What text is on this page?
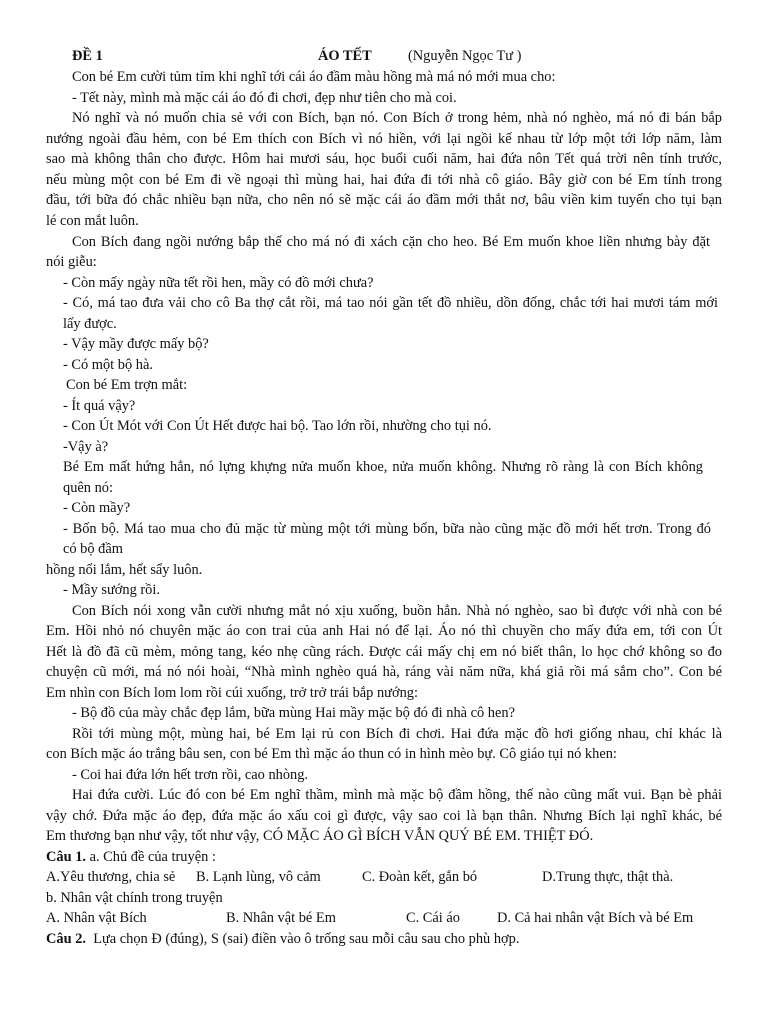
ĐỀ 1	ÁO TẾT	(Nguyễn Ngọc Tư )
Con bé Em cười tủm tỉm khi nghĩ tới cái áo đầm màu hồng mà má nó mới mua cho:
- Tết này, mình mà mặc cái áo đó đi chơi, đẹp như tiên cho mà coi.
Nó nghĩ và nó muốn chia sẻ với con Bích, bạn nó. Con Bích ở trong hẻm, nhà nó nghèo, má nó đi bán bắp
nướng ngoài đầu hẻm, con bé Em thích con Bích vì nó hiền, với lại ngồi kế nhau từ lớp một tới lớp năm, làm
sao mà không thân cho được. Hôm hai mươi sáu, học buổi cuối năm, hai đứa nôn Tết quá trời nên tính trước,
nếu mùng một con bé Em đi về ngoại thì mùng hai, hai đứa đi tới nhà cô giáo. Bây giờ con bé Em tính trong
đầu, tới bữa đó chắc nhiều bạn nữa, cho nên nó sẽ mặc cái áo đầm mới thắt nơ, bâu viền kim tuyến cho tụi bạn
lé con mắt luôn.
Con Bích đang ngồi nướng bắp thế cho má nó đi xách cặn cho heo. Bé Em muốn khoe liền nhưng bày đặt
nói giễu:
- Còn mấy ngày nữa tết rồi hen, mầy có đồ mới chưa?
- Có, má tao đưa vải cho cô Ba thợ cắt rồi, má tao nói gần tết đồ nhiều, dồn đống, chắc tới hai mươi tám mới
lấy được.
- Vậy mầy được mấy bộ?
- Có một bộ hà.
Con bé Em trợn mắt:
- Ít quá vậy?
- Con Út Mót với Con Út Hết được hai bộ. Tao lớn rồi, nhường cho tụi nó.
-Vậy à?
Bé Em mất hứng hẳn, nó lựng khựng nửa muốn khoe, nửa muốn không. Nhưng rõ ràng là con Bích không
quên nó:
- Còn mầy?
- Bốn bộ. Má tao mua cho đủ mặc từ mùng một tới mùng bốn, bữa nào cũng mặc đồ mới hết trơn. Trong đó
có bộ đầm
hồng nổi lắm, hết sẩy luôn.
- Mầy sướng rồi.
Con Bích nói xong vẫn cười nhưng mắt nó xịu xuống, buồn hẳn. Nhà nó nghèo, sao bì được với nhà con bé
Em. Hồi nhỏ nó chuyên mặc áo con trai của anh Hai nó để lại. Áo nó thì chuyền cho mấy đứa em, tới con Út
Hết là đồ đã cũ mèm, mỏng tang, kéo nhẹ cũng rách. Được cái mấy chị em nó biết thân, lo học chớ không so đo
chuyện cũ mới, má nó nói hoài, “Nhà mình nghèo quá hà, ráng vài năm nữa, khá giả rồi má sắm cho”. Con bé
Em nhìn con Bích lom lom rồi cúi xuống, trở trở trái bắp nướng:
- Bộ đồ của mày chắc đẹp lắm, bữa mùng Hai mầy mặc bộ đó đi nhà cô hen?
Rồi tới mùng một, mùng hai, bé Em lại rủ con Bích đi chơi. Hai đứa mặc đồ hơi giống nhau, chỉ khác là
con Bích mặc áo trắng bâu sen, con bé Em thì mặc áo thun có in hình mèo bự. Cô giáo tụi nó khen:
- Coi hai đứa lớn hết trơn rồi, cao nhòng.
Hai đứa cười. Lúc đó con bé Em nghĩ thầm, mình mà mặc bộ đầm hồng, thế nào cũng mất vui. Bạn bè phải
vậy chớ. Đứa mặc áo đẹp, đứa mặc áo xấu coi gì được, vậy sao coi là bạn thân. Nhưng Bích lại nghĩ khác, bé
Em thương bạn như vậy, tốt như vậy, CÓ MẶC ÁO GÌ BÍCH VẪN QUÝ BÉ EM. THIỆT ĐÓ.
Câu 1. a. Chủ đề của truyện :
A.Yêu thương, chia sẻ B. Lạnh lùng, vô cảm	C. Đoàn kết, gắn bó	D.Trung thực, thật thà.
b. Nhân vật chính trong truyện
A. Nhân vật Bích	B. Nhân vật bé Em	C. Cái áo	D. Cả hai nhân vật Bích và bé Em
Câu 2. Lựa chọn Đ (đúng), S (sai) điền vào ô trống sau mỗi câu sau cho phù hợp.
